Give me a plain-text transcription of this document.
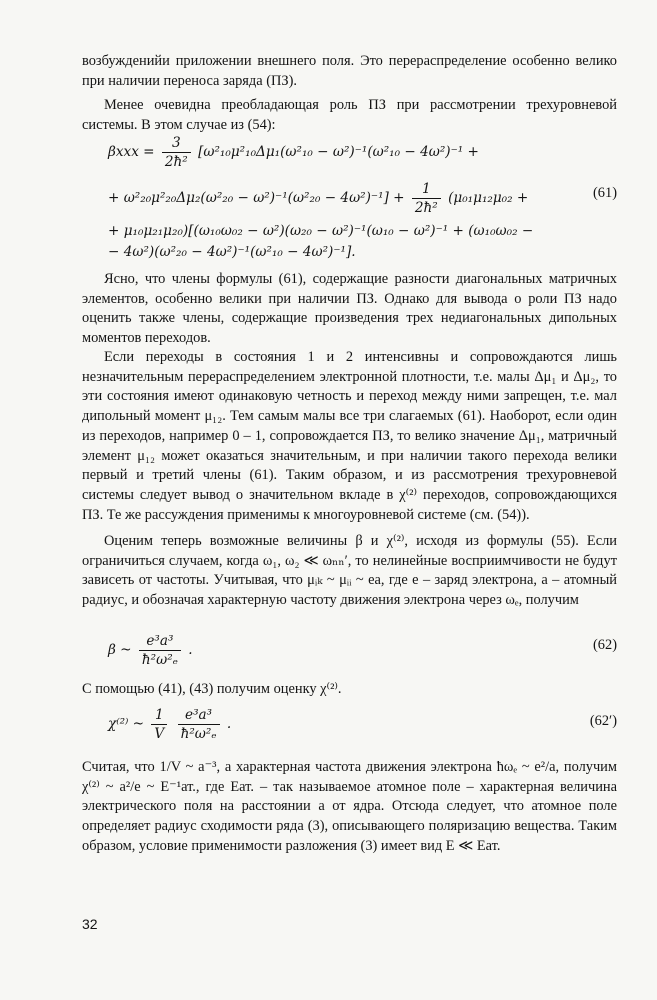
возбужденийи приложении внешнего поля. Это перераспределение особенно велико при наличии переноса заряда (ПЗ).

Менее очевидна преобладающая роль ПЗ при рассмотрении трехуровневой системы. В этом случае из (54):

$\beta xxx = \frac{3}{\text{2ħ²}} [\omega^2_{10}\mu^2_{10}\Delta\mu_1(\omega^2_{10} - \omega^2)^{-1}(\omega^2_{10} - 4\omega^2)^{-1}$ +
+ $\omega^2_{20}\mu^2_{20}\Delta\mu_2(\omega^2_{20} - \omega^2)^{-1}(\omega^2_{20} - 4\omega^2)^{-1}] + \frac{1}{\text{2ħ²}} (\mu_{01}\mu_{12}\mu_{02}$ +	(61)
+ μ₁₀μ₂₁μ₂₀)[(ω₁₀ω₀₂ − ω²)(ω₂₀ − ω²)⁻¹(ω₁₀ − ω²)⁻¹ + (ω₁₀ω₀₂ −
− 4ω²)(ω²₂₀ − 4ω²)⁻¹(ω²₁₀ − 4ω²)⁻¹].

Ясно, что члены формулы (61), содержащие разности диагональных матричных элементов, особенно велики при наличии ПЗ. Однако для вывода о роли ПЗ надо оценить также члены, содержащие произведения трех недиагональных дипольных моментов переходов.

Если переходы в состояния 1 и 2 интенсивны и сопровождаются лишь незначительным перераспределением электронной плотности, т.е. малы Δμ₁ и Δμ₂, то эти состояния имеют одинаковую четность и переход между ними запрещен, т.е. мал дипольный момент μ₁₂. Тем самым малы все три слагаемых (61). Наоборот, если один из переходов, например 0 – 1, сопровождается ПЗ, то велико значение Δμ₁, матричный элемент μ₁₂ может оказаться значительным, и при наличии такого перехода велики первый и третий члены (61). Таким образом, и из рассмотрения трехуровневой системы следует вывод о значительном вкладе в χ⁽²⁾ переходов, сопровождающихся ПЗ. Те же рассуждения применимы к многоуровневой системе (см. (54)).

Оценим теперь возможные величины β и χ⁽²⁾, исходя из формулы (55). Если ограничиться случаем, когда ω₁, ω₂ ≪ ωₙₙ′, то нелинейные восприимчивости не будут зависеть от частоты. Учитывая, что μᵢₖ ~ μᵢᵢ ~ ea, где e – заряд электрона, a – атомный радиус, и обозначая характерную частоту движения электрона через ωₑ, получим

β ~ $\frac{\text{e³a³}}{\text{ħ²ω²ₑ}}$ .	(62)

С помощью (41), (43) получим оценку χ⁽²⁾.

χ⁽²⁾ ~ $\frac{1}{V}$
$\frac{\text{e³a³}}{\text{ħ²ω²ₑ}}$ .	(62′)

Считая, что 1/V ~ a⁻³, а характерная частота движения электрона ħωₑ ~ e²/a, получим χ⁽²⁾ ~ a²/e ~ E⁻¹ат., где Eат. – так называемое атомное поле – характерная величина электрического поля на расстоянии a от ядра. Отсюда следует, что атомное поле определяет радиус сходимости ряда (3), описывающего поляризацию вещества. Таким образом, условие применимости разложения (3) имеет вид E ≪ Eат.

32
